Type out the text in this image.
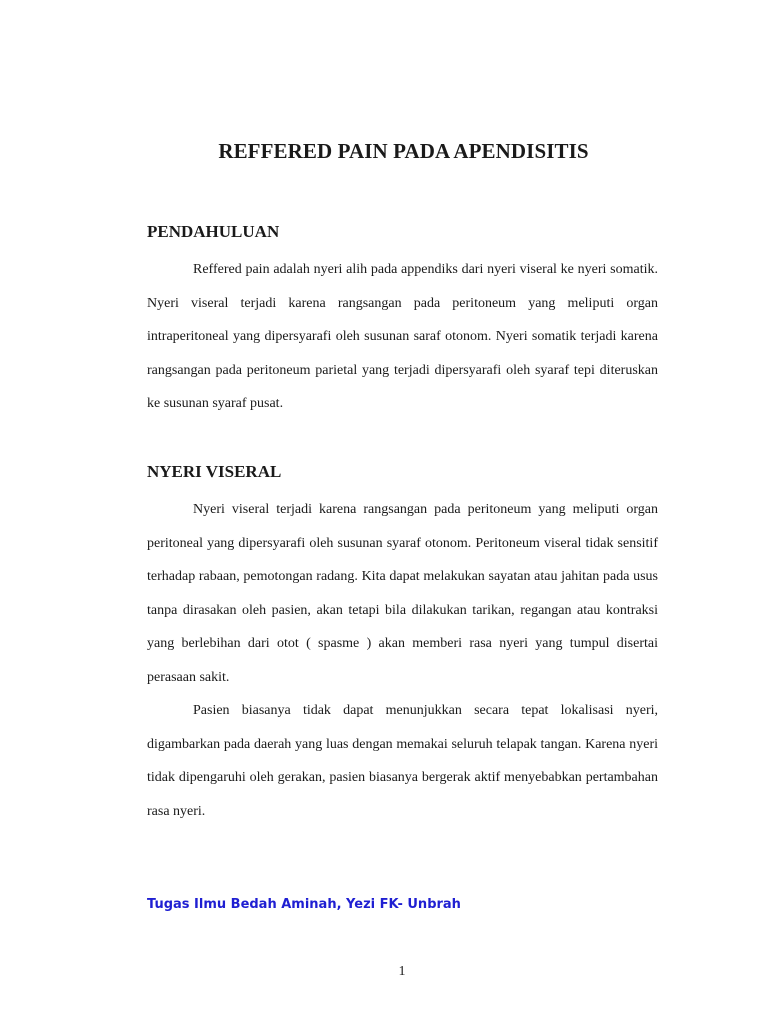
REFFERED PAIN PADA APENDISITIS
PENDAHULUAN

Reffered pain adalah nyeri alih pada appendiks dari nyeri viseral ke nyeri somatik. Nyeri viseral terjadi karena rangsangan pada peritoneum yang meliputi organ intraperitoneal yang dipersyarafi oleh susunan saraf otonom. Nyeri somatik terjadi karena rangsangan pada peritoneum parietal yang terjadi dipersyarafi oleh syaraf tepi diteruskan ke susunan syaraf pusat.

NYERI VISERAL

Nyeri viseral terjadi karena rangsangan pada peritoneum yang meliputi organ peritoneal yang dipersyarafi oleh susunan syaraf otonom. Peritoneum viseral tidak sensitif terhadap rabaan, pemotongan radang. Kita dapat melakukan sayatan atau jahitan pada usus tanpa dirasakan oleh pasien, akan tetapi bila dilakukan tarikan, regangan atau kontraksi yang berlebihan dari otot ( spasme ) akan memberi rasa nyeri yang tumpul disertai perasaan sakit.

Pasien biasanya tidak dapat menunjukkan secara tepat lokalisasi nyeri, digambarkan pada daerah yang luas dengan memakai seluruh telapak tangan. Karena nyeri tidak dipengaruhi oleh gerakan, pasien biasanya bergerak aktif menyebabkan pertambahan rasa nyeri.

Tugas Ilmu Bedah Aminah, Yezi FK- Unbrah

1
